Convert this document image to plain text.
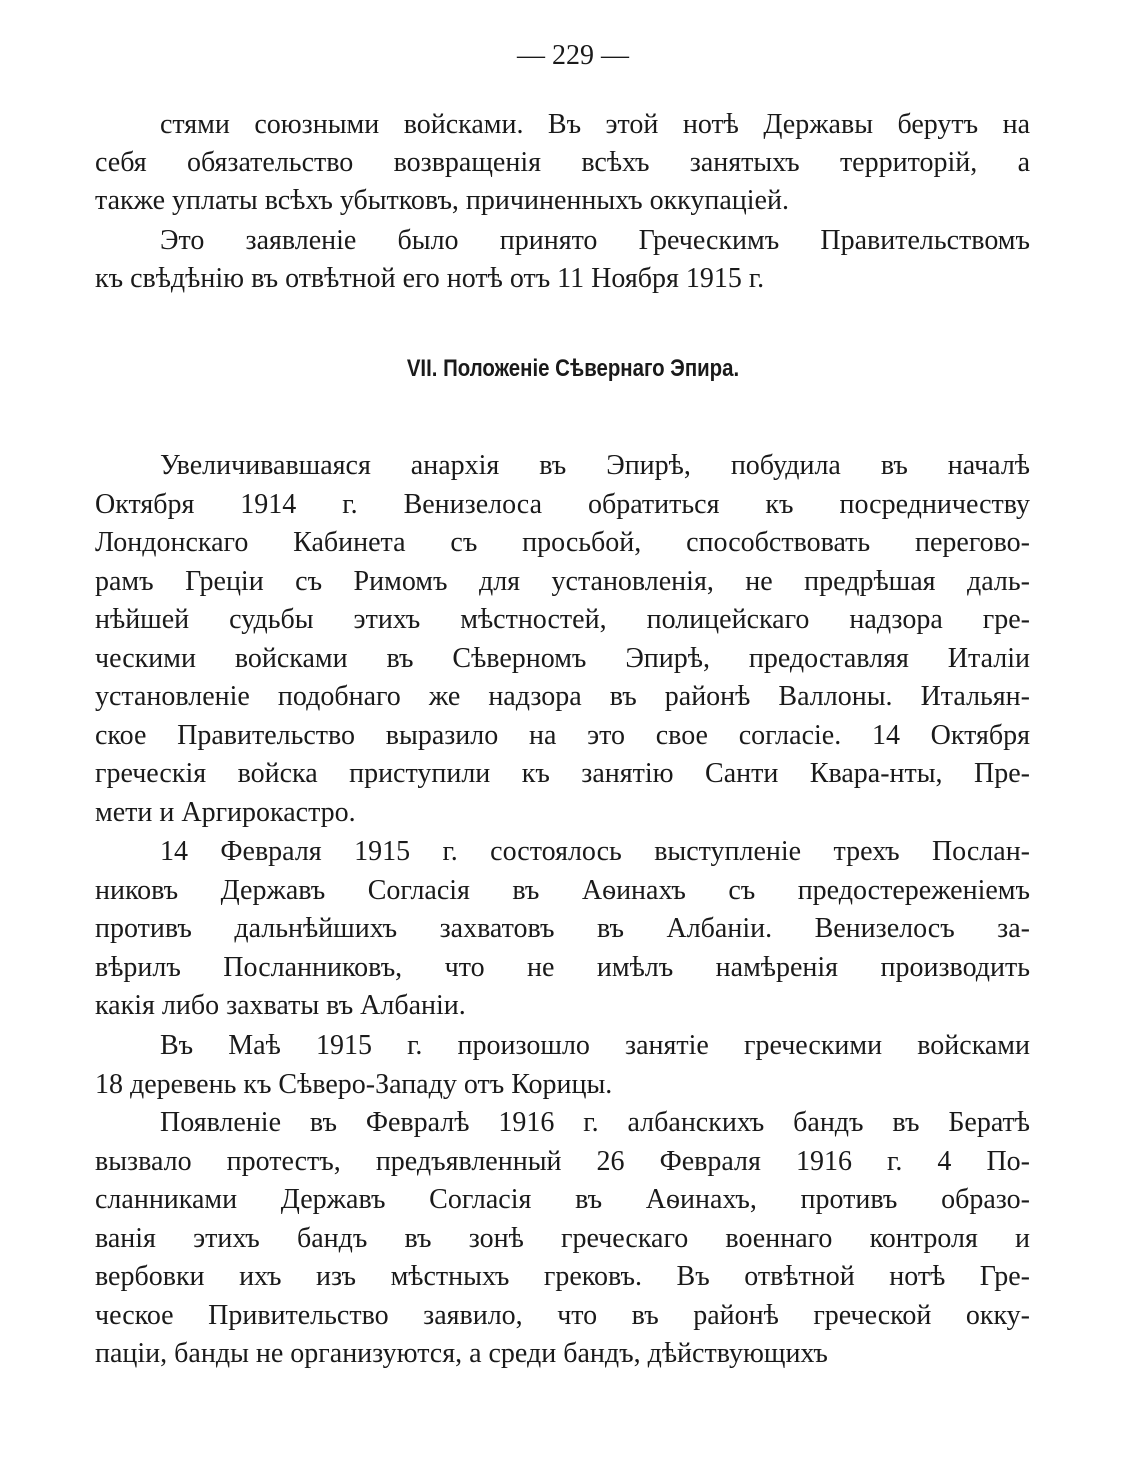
— 229 —
VII. Положеніе Сѣвернаго Эпира.
стями союзными войсками. Въ этой нотѣ Державы берутъ на
себя обязательство возвращенія всѣхъ занятыхъ территорій, а
также уплаты всѣхъ убытковъ, причиненныхъ оккупаціей.
Это заявленіе было принято Греческимъ Правительствомъ
къ свѣдѣнію въ отвѣтной его нотѣ отъ 11 Ноября 1915 г.
Увеличивавшаяся анархія въ Эпирѣ, побудила въ началѣ
Октября 1914 г. Венизелоса обратиться къ посредничеству
Лондонскаго Кабинета съ просьбой, способствовать перегово-
рамъ Греціи съ Римомъ для установленія, не предрѣшая даль-
нѣйшей судьбы этихъ мѣстностей, полицейскаго надзора гре-
ческими войсками въ Сѣверномъ Эпирѣ, предоставляя Италіи
установленіе подобнаго же надзора въ районѣ Валлоны. Итальян-
ское Правительство выразило на это свое согласіе. 14 Октября
греческія войска приступили къ занятію Санти Квара-нты, Пре-
мети и Аргирокастро.
14 Февраля 1915 г. состоялось выступленіе трехъ Послан-
никовъ Державъ Согласія въ Аѳинахъ съ предостереженіемъ
противъ дальнѣйшихъ захватовъ въ Албаніи. Венизелосъ за-
вѣрилъ Посланниковъ, что не имѣлъ намѣренія производить
какія либо захваты въ Албаніи.
Въ Маѣ 1915 г. произошло занятіе греческими войсками
18 деревень къ Сѣверо-Западу отъ Корицы.
Появленіе въ Февралѣ 1916 г. албанскихъ бандъ въ Бератѣ
вызвало протестъ, предъявленный 26 Февраля 1916 г. 4 По-
сланниками Державъ Согласія въ Аѳинахъ, противъ образо-
ванія этихъ бандъ въ зонѣ греческаго военнаго контроля и
вербовки ихъ изъ мѣстныхъ грековъ. Въ отвѣтной нотѣ Гре-
ческое Привительство заявило, что въ районѣ греческой окку-
паціи, банды не организуются, а среди бандъ, дѣйствующихъ
